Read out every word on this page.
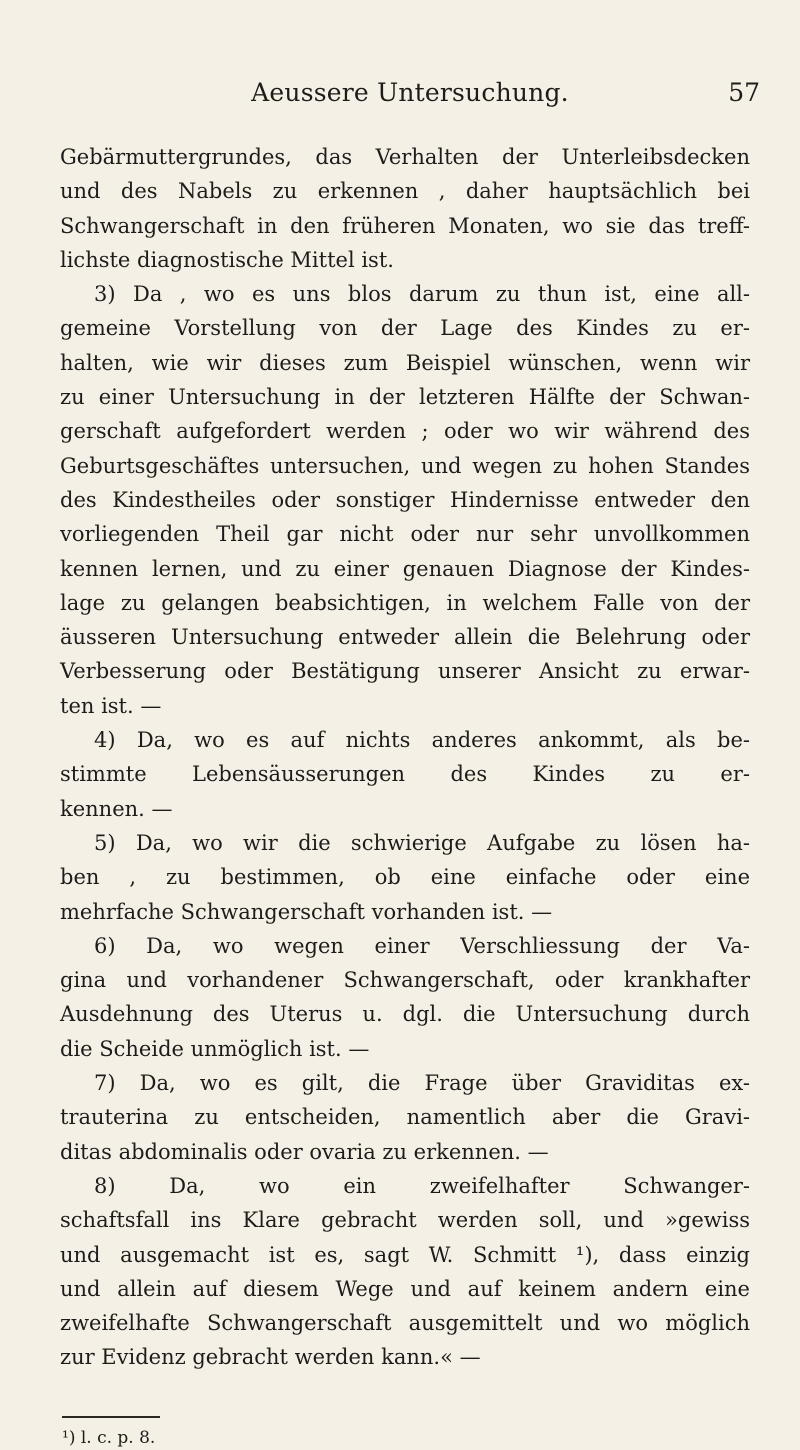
Aeussere Untersuchung.	57
Gebärmuttergrundes, das Verhalten der Unterleibsdecken
und des Nabels zu erkennen , daher hauptsächlich bei
Schwangerschaft in den früheren Monaten, wo sie das treff-
lichste diagnostische Mittel ist.
3) Da , wo es uns blos darum zu thun ist, eine all-
gemeine Vorstellung von der Lage des Kindes zu er-
halten, wie wir dieses zum Beispiel wünschen, wenn wir
zu einer Untersuchung in der letzteren Hälfte der Schwan-
gerschaft aufgefordert werden ; oder wo wir während des
Geburtsgeschäftes untersuchen, und wegen zu hohen Standes
des Kindestheiles oder sonstiger Hindernisse entweder den
vorliegenden Theil gar nicht oder nur sehr unvollkommen
kennen lernen, und zu einer genauen Diagnose der Kindes-
lage zu gelangen beabsichtigen, in welchem Falle von der
äusseren Untersuchung entweder allein die Belehrung oder
Verbesserung oder Bestätigung unserer Ansicht zu erwar-
ten ist. —
4) Da, wo es auf nichts anderes ankommt, als be-
stimmte Lebensäusserungen des Kindes zu er-
kennen. —
5) Da, wo wir die schwierige Aufgabe zu lösen ha-
ben , zu bestimmen, ob eine einfache oder eine
mehrfache Schwangerschaft vorhanden ist. —
6) Da, wo wegen einer Verschliessung der Va-
gina und vorhandener Schwangerschaft, oder krankhafter
Ausdehnung des Uterus u. dgl. die Untersuchung durch
die Scheide unmöglich ist. —
7) Da, wo es gilt, die Frage über Graviditas ex-
trauterina zu entscheiden, namentlich aber die Gravi-
ditas abdominalis oder ovaria zu erkennen. —
8) Da, wo ein zweifelhafter Schwanger-
schaftsfall ins Klare gebracht werden soll, und »gewiss
und ausgemacht ist es, sagt W. Schmitt ¹), dass einzig
und allein auf diesem Wege und auf keinem andern eine
zweifelhafte Schwangerschaft ausgemittelt und wo möglich
zur Evidenz gebracht werden kann.« —
¹) l. c. p. 8.
